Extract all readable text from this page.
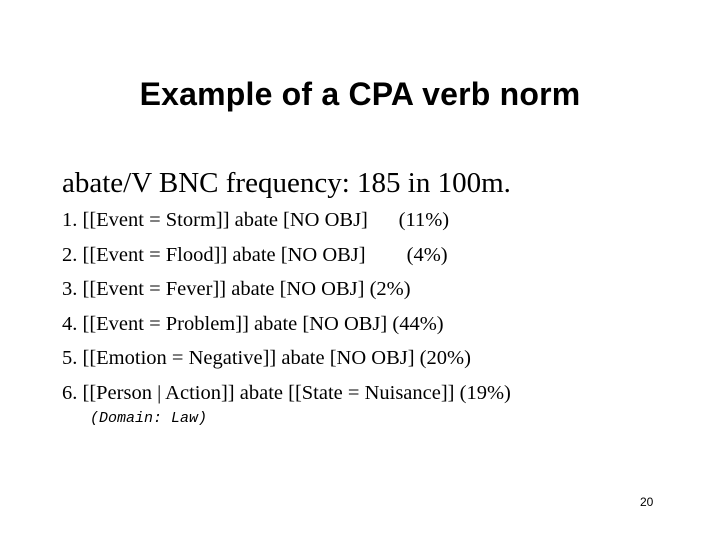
Example of a CPA verb norm
abate/V BNC frequency: 185 in 100m.
1. [[Event = Storm]] abate [NO OBJ]      (11%)
2. [[Event = Flood]] abate [NO OBJ]        (4%)
3. [[Event = Fever]] abate [NO OBJ] (2%)
4. [[Event = Problem]] abate [NO OBJ] (44%)
5. [[Emotion = Negative]] abate [NO OBJ] (20%)
6. [[Person | Action]] abate [[State = Nuisance]] (19%)
(Domain: Law)
20
